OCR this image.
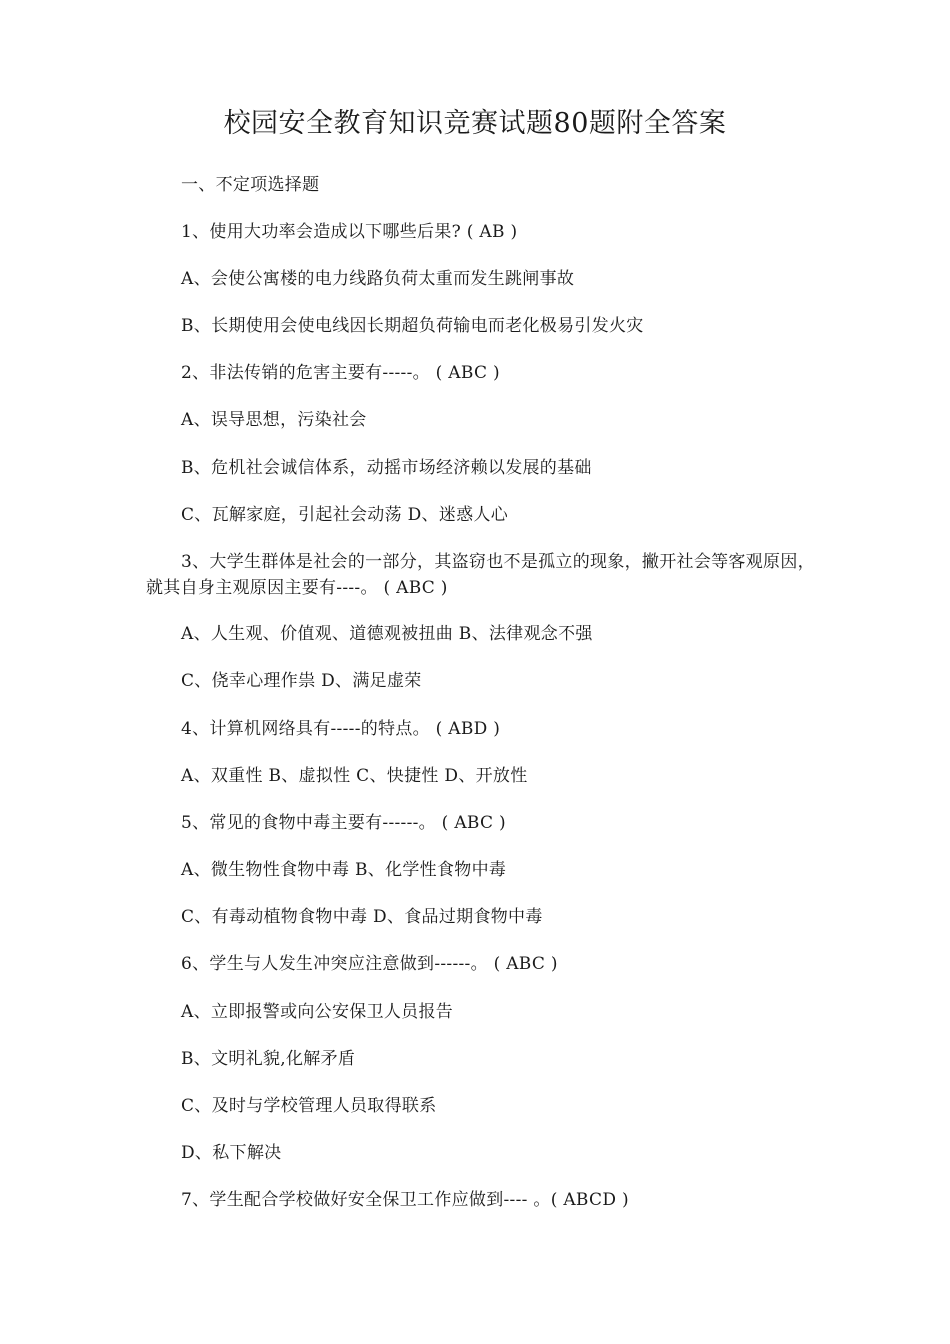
校园安全教育知识竞赛试题80题附全答案
一、不定项选择题
1、使用大功率会造成以下哪些后果? ( AB )
A、会使公寓楼的电力线路负荷太重而发生跳闸事故
B、长期使用会使电线因长期超负荷输电而老化极易引发火灾
2、非法传销的危害主要有-----。 ( ABC )
A、误导思想，污染社会
B、危机社会诚信体系，动摇市场经济赖以发展的基础
C、瓦解家庭，引起社会动荡 D、迷惑人心
3、大学生群体是社会的一部分，其盗窃也不是孤立的现象，撇开社会等客观原因，就其自身主观原因主要有----。 ( ABC )
A、人生观、价值观、道德观被扭曲 B、法律观念不强
C、侥幸心理作祟 D、满足虚荣
4、计算机网络具有-----的特点。 ( ABD )
A、双重性 B、虚拟性 C、快捷性 D、开放性
5、常见的食物中毒主要有------。 ( ABC )
A、微生物性食物中毒 B、化学性食物中毒
C、有毒动植物食物中毒 D、食品过期食物中毒
6、学生与人发生冲突应注意做到------。 ( ABC )
A、立即报警或向公安保卫人员报告
B、文明礼貌,化解矛盾
C、及时与学校管理人员取得联系
D、私下解决
7、学生配合学校做好安全保卫工作应做到---- 。( ABCD )
